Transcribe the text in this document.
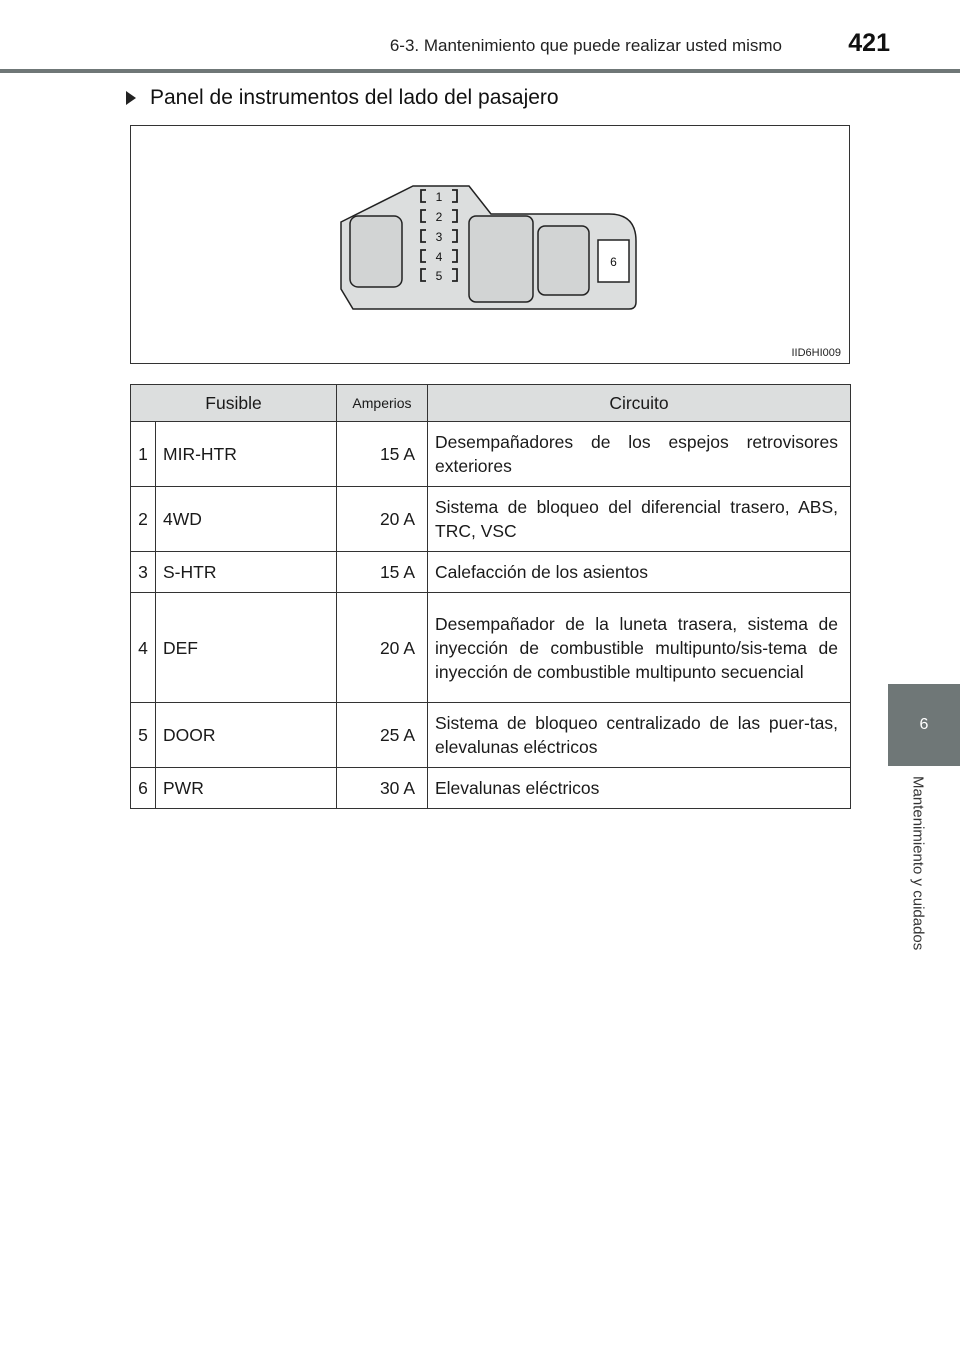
6-3. Mantenimiento que puede realizar usted mismo	421
6
Mantenimiento y cuidados
Panel de instrumentos del lado del pasajero
6
1
2
3
4
5
IID6HI009
Fusible		Amperios	Circuito
1	MIR-HTR	15 A	Desempañadores de los espejos retrovisores exteriores
2	4WD	20 A	Sistema de bloqueo del diferencial trasero, ABS, TRC, VSC
3	S-HTR	15 A	Calefacción de los asientos
4	DEF	20 A	Desempañador de la luneta trasera, sistema de inyección de combustible multipunto/sis-tema de inyección de combustible multipunto secuencial
5	DOOR	25 A	Sistema de bloqueo centralizado de las puer-tas, elevalunas eléctricos
6	PWR	30 A	Elevalunas eléctricos
